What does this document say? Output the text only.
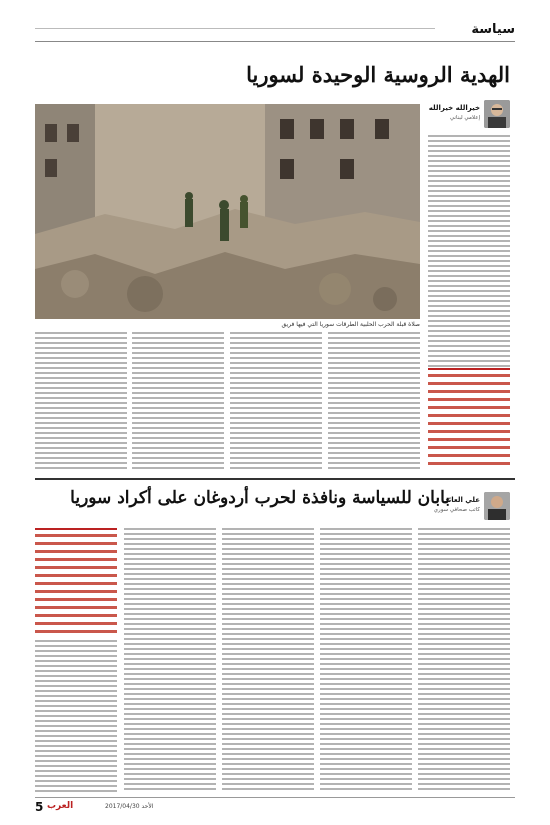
سياسة
الهدية الروسية الوحيدة لسوريا
خيرالله خيرالله
إعلامي لبناني
صلاة قبلة الحرب الحلبية الطرقات سوريا التي فيها فريق
بابان للسياسة ونافذة لحرب أردوغان على أكراد سوريا
علي العائد
كاتب صحافي سوري
5 العرب	2017/04/30 الأحد
